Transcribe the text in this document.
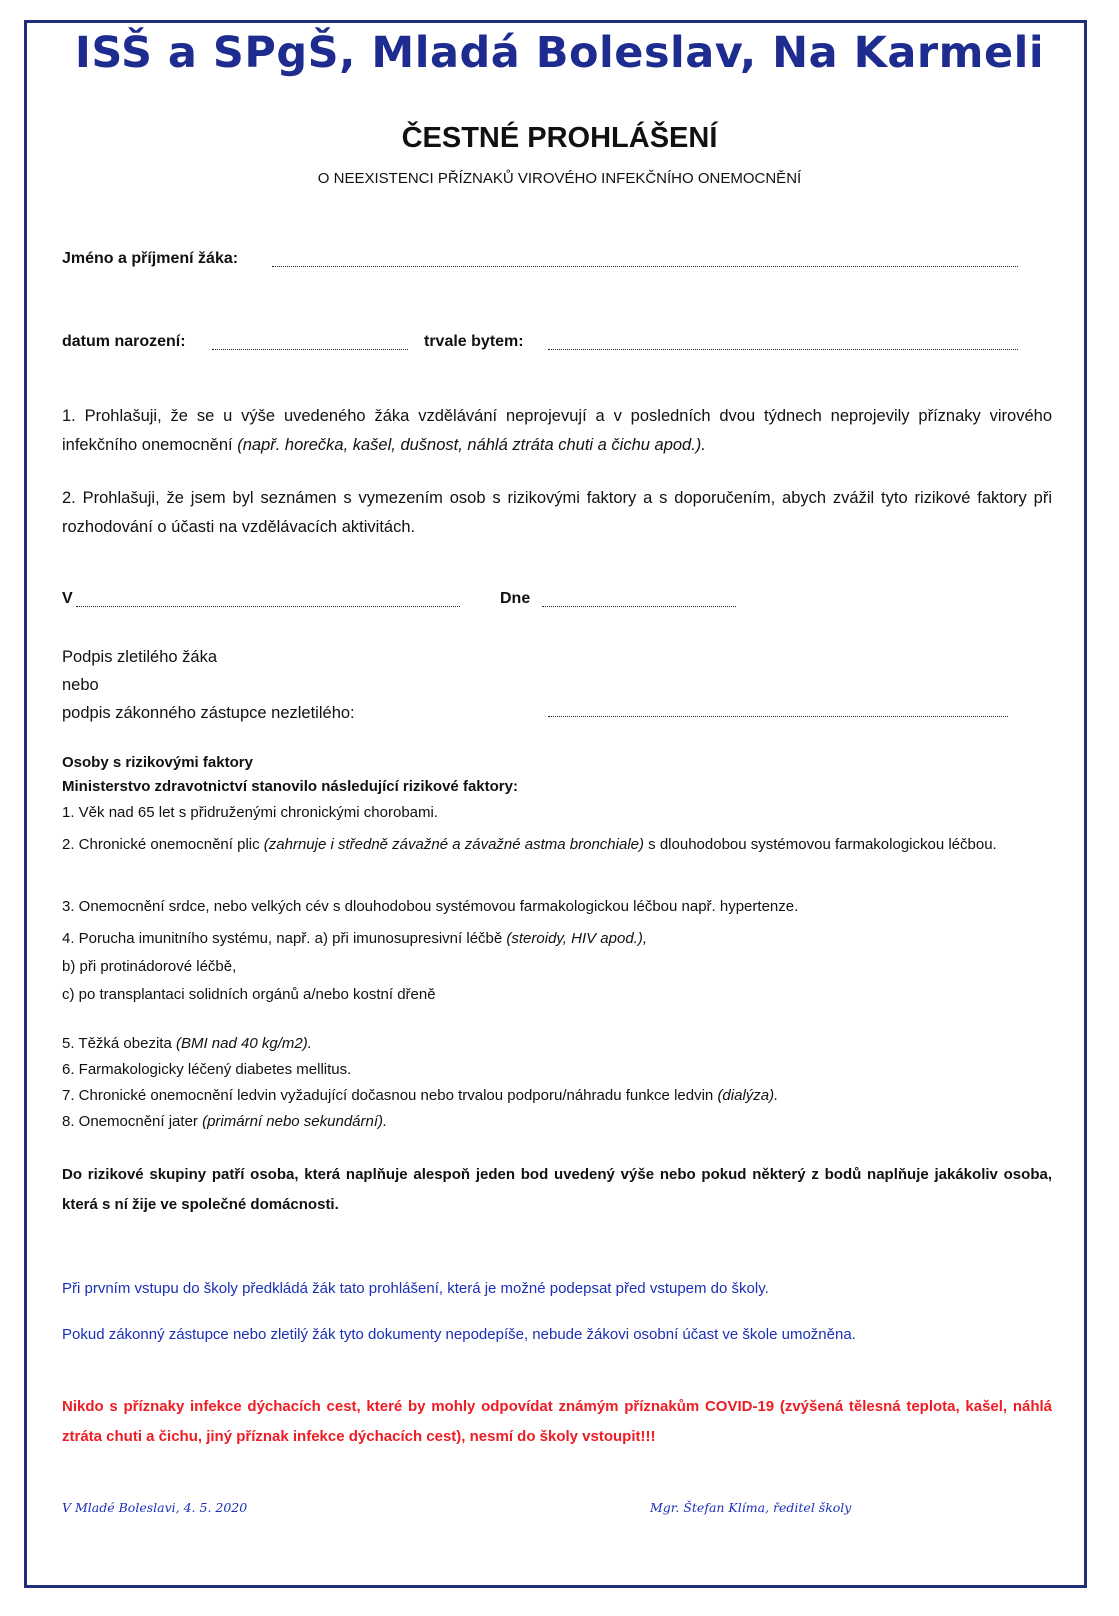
ISŠ a SPgŠ, Mladá Boleslav, Na Karmeli
ČESTNÉ PROHLÁŠENÍ
O NEEXISTENCI PŘÍZNAKŮ VIROVÉHO INFEKČNÍHO ONEMOCNĚNÍ
Jméno a příjmení žáka:
datum narození:	trvale bytem:
1. Prohlašuji, že se u výše uvedeného žáka vzdělávání neprojevují a v posledních dvou týdnech neprojevily příznaky virového infekčního onemocnění (např. horečka, kašel, dušnost, náhlá ztráta chuti a čichu apod.).
2. Prohlašuji, že jsem byl seznámen s vymezením osob s rizikovými faktory a s doporučením, abych zvážil tyto rizikové faktory při rozhodování o účasti na vzdělávacích aktivitách.
V	Dne
Podpis zletilého žáka
nebo
podpis zákonného zástupce nezletilého:
Osoby s rizikovými faktory
Ministerstvo zdravotnictví stanovilo následující rizikové faktory:
1. Věk nad 65 let s přidruženými chronickými chorobami.
2. Chronické onemocnění plic (zahrnuje i středně závažné a závažné astma bronchiale) s dlouhodobou systémovou farmakologickou léčbou.
3. Onemocnění srdce, nebo velkých cév s dlouhodobou systémovou farmakologickou léčbou např. hypertenze.
4. Porucha imunitního systému, např. a) při imunosupresivní léčbě (steroidy, HIV apod.),
b) při protinádorové léčbě,
c) po transplantaci solidních orgánů a/nebo kostní dřeně
5. Těžká obezita (BMI nad 40 kg/m2).
6. Farmakologicky léčený diabetes mellitus.
7. Chronické onemocnění ledvin vyžadující dočasnou nebo trvalou podporu/náhradu funkce ledvin (dialýza).
8. Onemocnění jater (primární nebo sekundární).
Do rizikové skupiny patří osoba, která naplňuje alespoň jeden bod uvedený výše nebo pokud některý z bodů naplňuje jakákoliv osoba, která s ní žije ve společné domácnosti.
Při prvním vstupu do školy předkládá žák tato prohlášení, která je možné podepsat před vstupem do školy.
Pokud zákonný zástupce nebo zletilý žák tyto dokumenty nepodepíše, nebude žákovi osobní účast ve škole umožněna.
Nikdo s příznaky infekce dýchacích cest, které by mohly odpovídat známým příznakům COVID-19 (zvýšená tělesná teplota, kašel, náhlá ztráta chuti a čichu, jiný příznak infekce dýchacích cest), nesmí do školy vstoupit!!!
V Mladé Boleslavi, 4. 5. 2020	Mgr. Štefan Klíma, ředitel školy
